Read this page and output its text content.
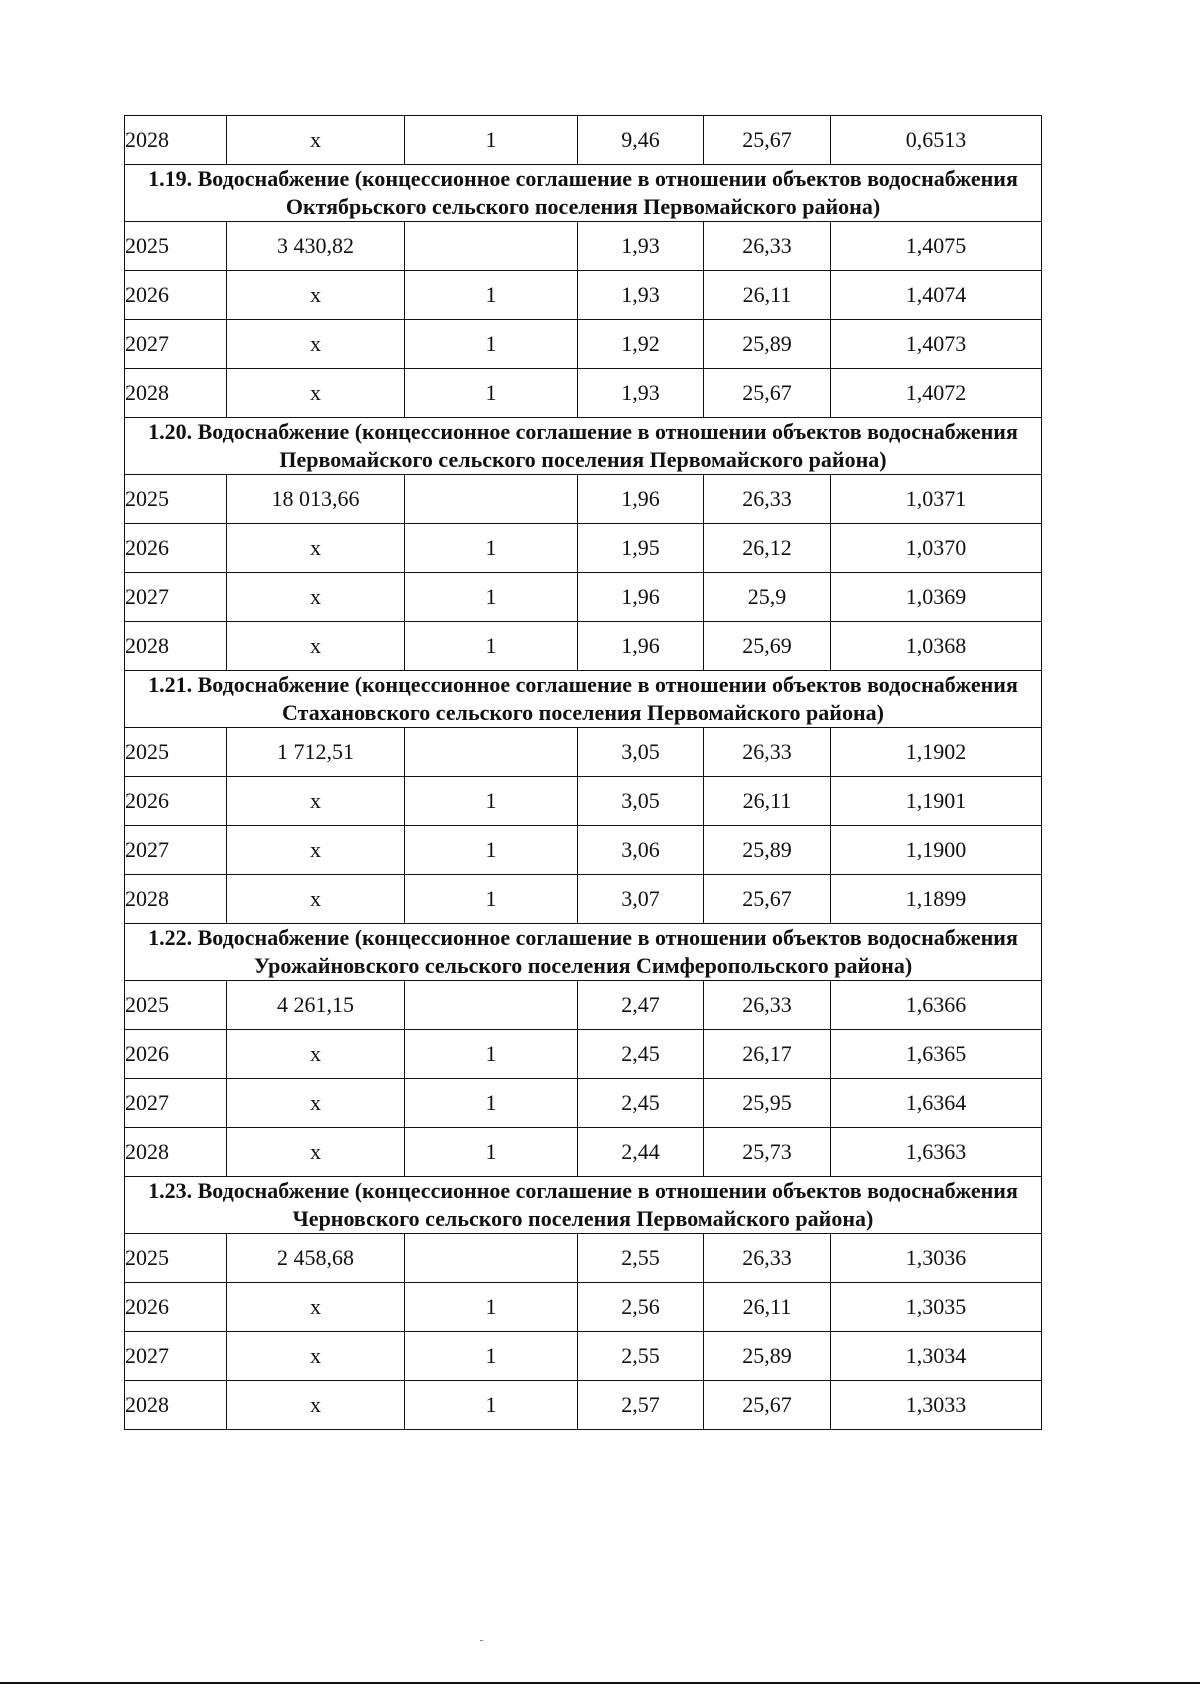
2028	х	1	9,46	25,67	0,6513
1.19. Водоснабжение (концессионное соглашение в отношении объектов водоснабжения Октябрьского сельского поселения Первомайского района)					
2025	3 430,82		1,93	26,33	1,4075
2026	х	1	1,93	26,11	1,4074
2027	х	1	1,92	25,89	1,4073
2028	х	1	1,93	25,67	1,4072
1.20. Водоснабжение (концессионное соглашение в отношении объектов водоснабжения Первомайского сельского поселения Первомайского района)					
2025	18 013,66		1,96	26,33	1,0371
2026	х	1	1,95	26,12	1,0370
2027	х	1	1,96	25,9	1,0369
2028	х	1	1,96	25,69	1,0368
1.21. Водоснабжение (концессионное соглашение в отношении объектов водоснабжения Стахановского сельского поселения Первомайского района)					
2025	1 712,51		3,05	26,33	1,1902
2026	х	1	3,05	26,11	1,1901
2027	х	1	3,06	25,89	1,1900
2028	х	1	3,07	25,67	1,1899
1.22. Водоснабжение (концессионное соглашение в отношении объектов водоснабжения Урожайновского сельского поселения Симферопольского района)					
2025	4 261,15		2,47	26,33	1,6366
2026	х	1	2,45	26,17	1,6365
2027	х	1	2,45	25,95	1,6364
2028	х	1	2,44	25,73	1,6363
1.23. Водоснабжение (концессионное соглашение в отношении объектов водоснабжения Черновского сельского поселения Первомайского района)					
2025	2 458,68		2,55	26,33	1,3036
2026	х	1	2,56	26,11	1,3035
2027	х	1	2,55	25,89	1,3034
2028	х	1	2,57	25,67	1,3033
